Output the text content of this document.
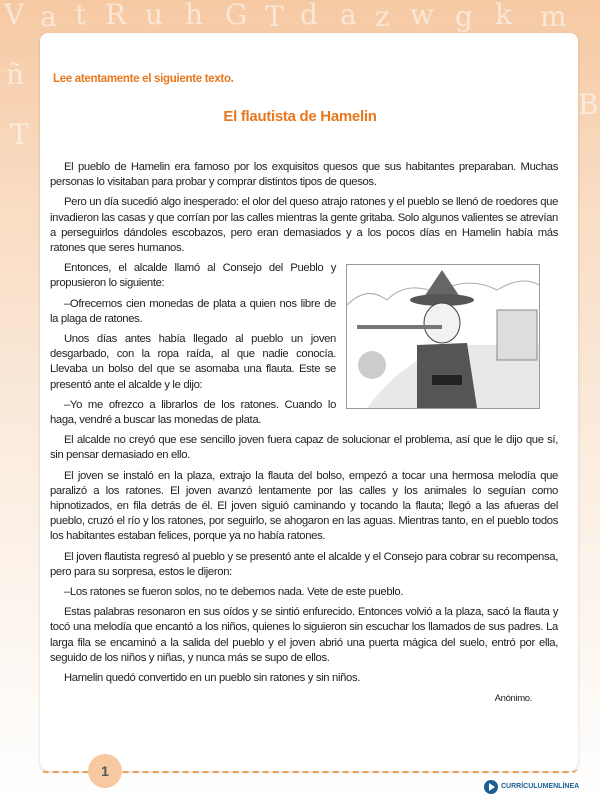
V a t R u h G T d a z w g k m
ñ
T
B
Lee atentamente el siguiente texto.
El flautista de Hamelin

El pueblo de Hamelin era famoso por los exquisitos quesos que sus habitantes preparaban. Muchas personas lo visitaban para probar y comprar distintos tipos de quesos.

Pero un día sucedió algo inesperado: el olor del queso atrajo ratones y el pueblo se llenó de roedores que invadieron las casas y que corrían por las calles mientras la gente gritaba. Solo algunos valientes se atrevían a perseguirlos dándoles escobazos, pero eran demasiados y a los pocos días en Hamelin había más ratones que seres humanos.

Entonces, el alcalde llamó al Consejo del Pueblo y propusieron lo siguiente:

–Ofrecemos cien monedas de plata a quien nos libre de la plaga de ratones.

Unos días antes había llegado al pueblo un joven desgarbado, con la ropa raída, al que nadie conocía. Llevaba un bolso del que se asomaba una flauta. Este se presentó ante el alcalde y le dijo:

–Yo me ofrezco a librarlos de los ratones. Cuando lo haga, vendré a buscar las monedas de plata.

El alcalde no creyó que ese sencillo joven fuera capaz de solucionar el problema, así que le dijo que sí, sin pensar demasiado en ello.

El joven se instaló en la plaza, extrajo la flauta del bolso, empezó a tocar una hermosa melodía que paralizó a los ratones. El joven avanzó lentamente por las calles y los animales lo seguían como hipnotizados, en fila detrás de él. El joven siguió caminando y tocando la flauta; llegó a las afueras del pueblo, cruzó el río y los ratones, por seguirlo, se ahogaron en las aguas. Mientras tanto, en el pueblo todos los habitantes estaban felices, porque ya no había ratones.

El joven flautista regresó al pueblo y se presentó ante el alcalde y el Consejo para cobrar su recompensa, pero para su sorpresa, estos le dijeron:

–Los ratones se fueron solos, no te debemos nada. Vete de este pueblo.

Estas palabras resonaron en sus oídos y se sintió enfurecido. Entonces volvió a la plaza, sacó la flauta y tocó una melodía que encantó a los niños, quienes lo siguieron sin escuchar los llamados de sus padres. La larga fila se encaminó a la salida del pueblo y el joven abrió una puerta mágica del suelo, entró por ella, seguido de los niños y niñas, y nunca más se supo de ellos.

Hamelin quedó convertido en un pueblo sin ratones y sin niños.

Anónimo.
1
CURRÍCULUMENLÍNEA
